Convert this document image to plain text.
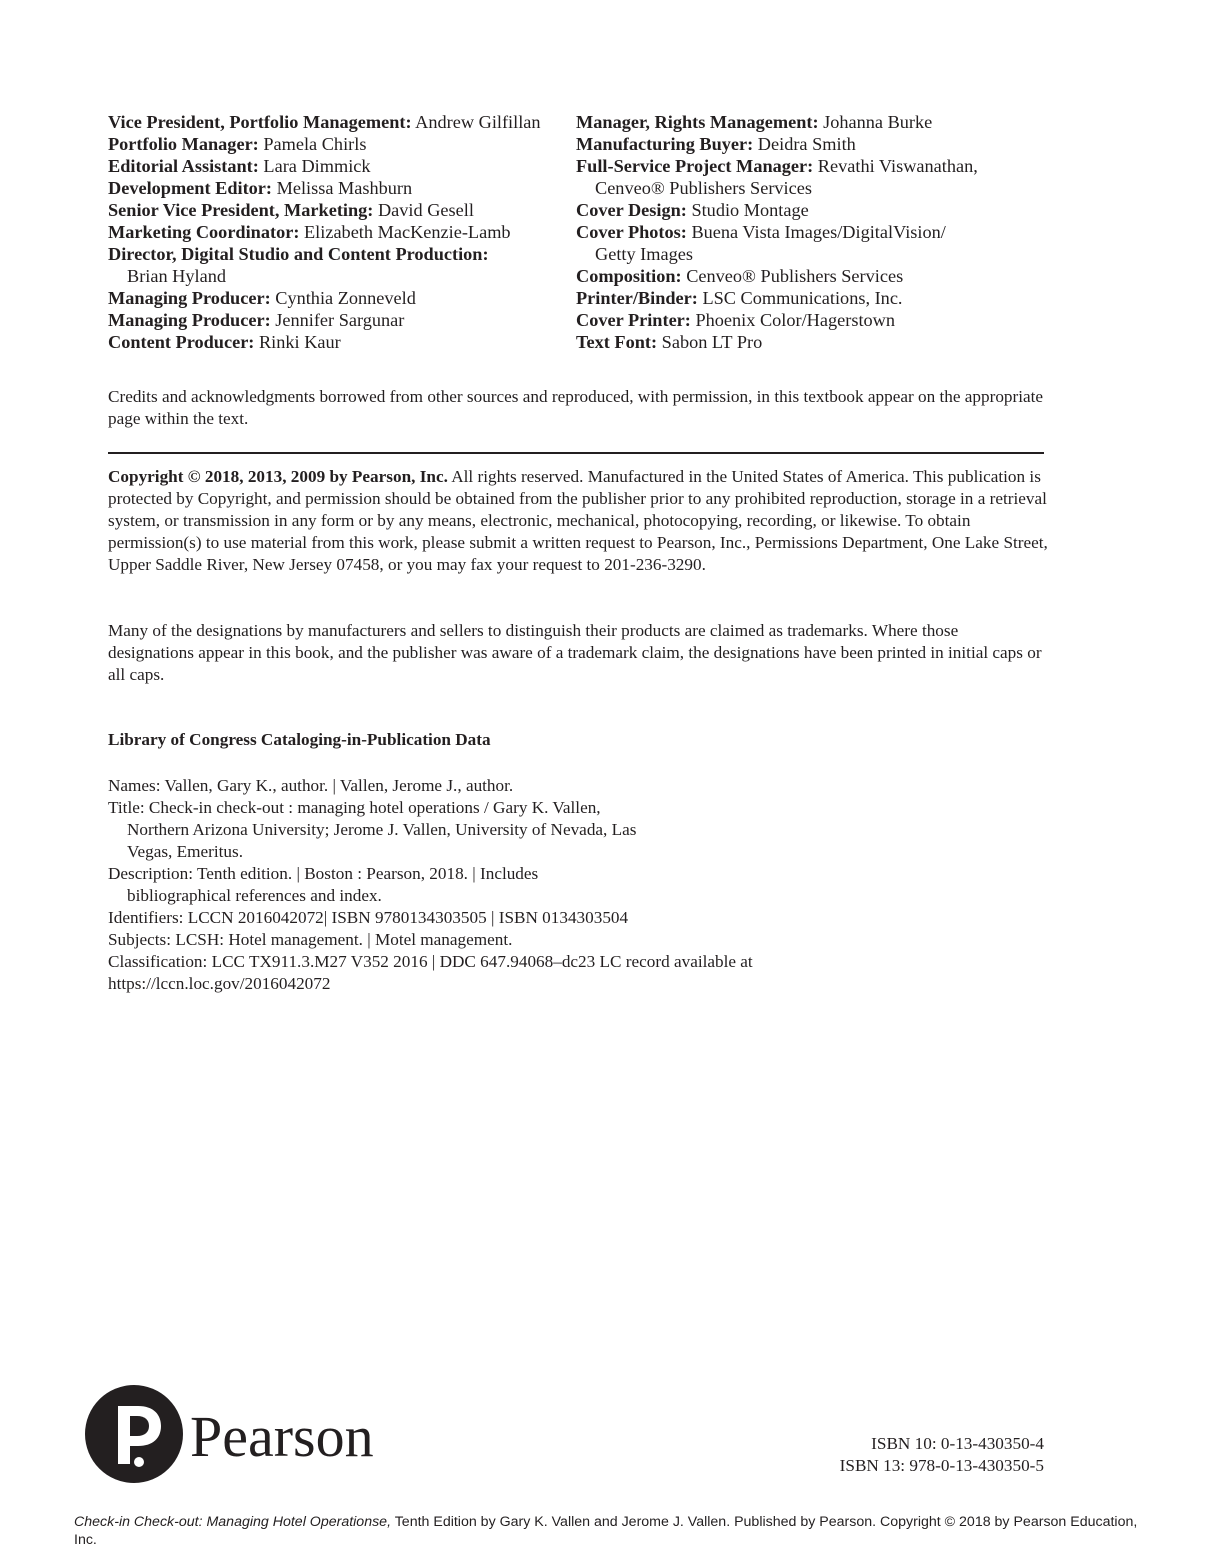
Vice President, Portfolio Management: Andrew Gilfillan
Portfolio Manager: Pamela Chirls
Editorial Assistant: Lara Dimmick
Development Editor: Melissa Mashburn
Senior Vice President, Marketing: David Gesell
Marketing Coordinator: Elizabeth MacKenzie-Lamb
Director, Digital Studio and Content Production:
Brian Hyland
Managing Producer: Cynthia Zonneveld
Managing Producer: Jennifer Sargunar
Content Producer: Rinki Kaur
Manager, Rights Management: Johanna Burke
Manufacturing Buyer: Deidra Smith
Full-Service Project Manager: Revathi Viswanathan,
Cenveo® Publishers Services
Cover Design: Studio Montage
Cover Photos: Buena Vista Images/DigitalVision/
Getty Images
Composition: Cenveo® Publishers Services
Printer/Binder: LSC Communications, Inc.
Cover Printer: Phoenix Color/Hagerstown
Text Font: Sabon LT Pro
Credits and acknowledgments borrowed from other sources and reproduced, with permission, in this textbook appear on the appropriate page within the text.
Copyright © 2018, 2013, 2009 by Pearson, Inc. All rights reserved. Manufactured in the United States of America. This publication is protected by Copyright, and permission should be obtained from the publisher prior to any prohibited reproduction, storage in a retrieval system, or transmission in any form or by any means, electronic, mechanical, photocopying, recording, or likewise. To obtain permission(s) to use material from this work, please submit a written request to Pearson, Inc., Permissions Department, One Lake Street, Upper Saddle River, New Jersey 07458, or you may fax your request to 201-236-3290.
Many of the designations by manufacturers and sellers to distinguish their products are claimed as trademarks. Where those designations appear in this book, and the publisher was aware of a trademark claim, the designations have been printed in initial caps or all caps.
Library of Congress Cataloging-in-Publication Data
Names: Vallen, Gary K., author. | Vallen, Jerome J., author.
Title: Check-in check-out : managing hotel operations / Gary K. Vallen,
Northern Arizona University; Jerome J. Vallen, University of Nevada, Las
Vegas, Emeritus.
Description: Tenth edition. | Boston : Pearson, 2018. | Includes
bibliographical references and index.
Identifiers: LCCN 2016042072| ISBN 9780134303505 | ISBN 0134303504
Subjects: LCSH: Hotel management. | Motel management.
Classification: LCC TX911.3.M27 V352 2016 | DDC 647.94068–dc23 LC record available at
https://lccn.loc.gov/2016042072
Pearson	ISBN 10: 0-13-430350-4
ISBN 13: 978-0-13-430350-5
Check-in Check-out: Managing Hotel Operationse, Tenth Edition by Gary K. Vallen and Jerome J. Vallen. Published by Pearson. Copyright © 2018 by Pearson Education, Inc.
